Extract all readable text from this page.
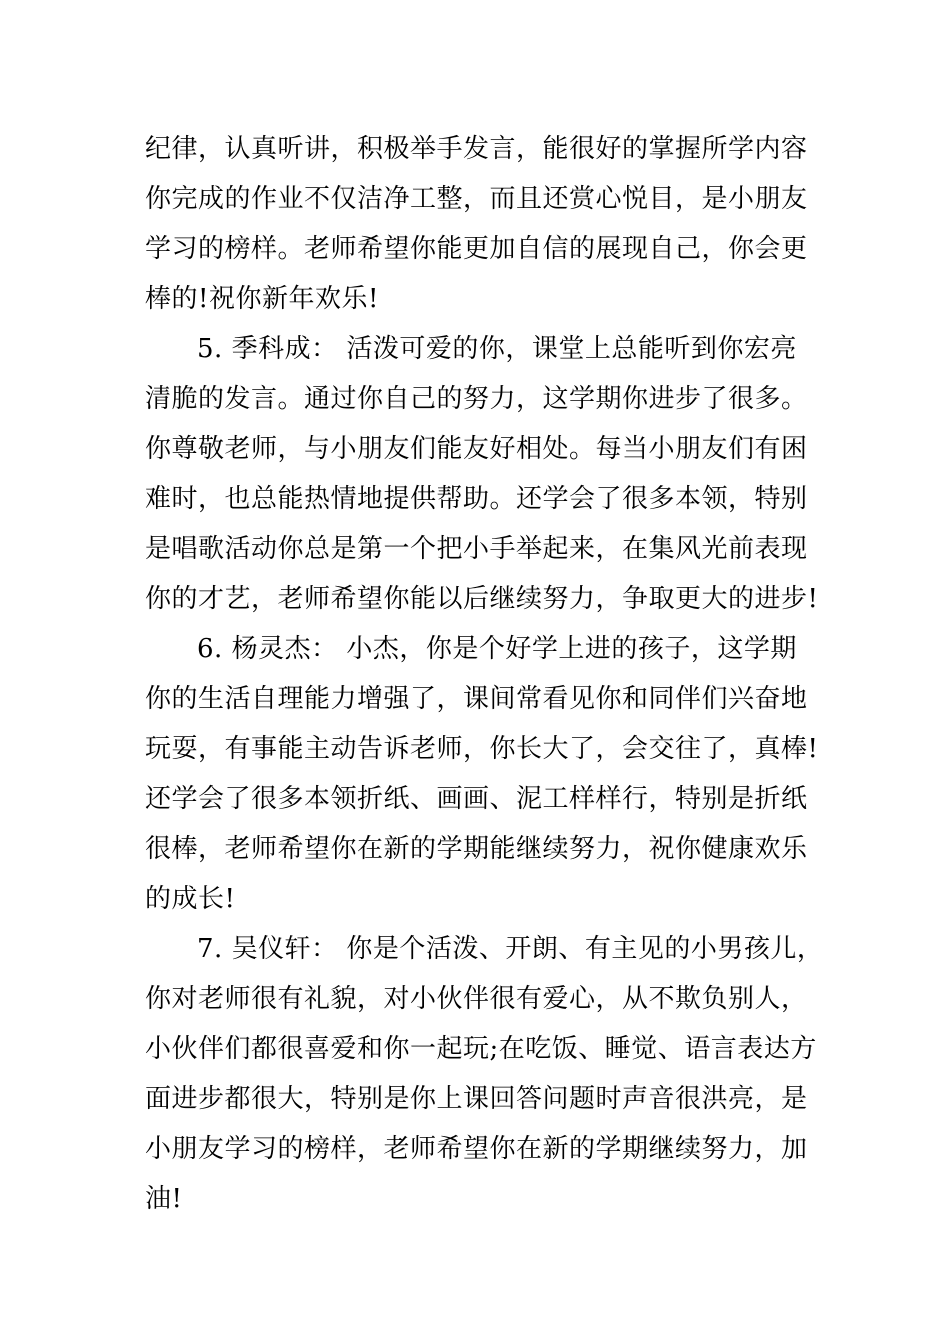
纪律，认真听讲，积极举手发言，能很好的掌握所学内容
你完成的作业不仅洁净工整，而且还赏心悦目，是小朋友
学习的榜样。老师希望你能更加自信的展现自己，你会更
棒的!祝你新年欢乐!
5. 季科成： 活泼可爱的你，课堂上总能听到你宏亮
清脆的发言。通过你自己的努力，这学期你进步了很多。
你尊敬老师，与小朋友们能友好相处。每当小朋友们有困
难时，也总能热情地提供帮助。还学会了很多本领，特别
是唱歌活动你总是第一个把小手举起来，在集风光前表现
你的才艺，老师希望你能以后继续努力，争取更大的进步!
6. 杨灵杰： 小杰，你是个好学上进的孩子，这学期
你的生活自理能力增强了，课间常看见你和同伴们兴奋地
玩耍，有事能主动告诉老师，你长大了，会交往了，真棒!
还学会了很多本领折纸、画画、泥工样样行，特别是折纸
很棒，老师希望你在新的学期能继续努力，祝你健康欢乐
的成长!
7. 吴仪轩： 你是个活泼、开朗、有主见的小男孩儿，
你对老师很有礼貌，对小伙伴很有爱心，从不欺负别人，
小伙伴们都很喜爱和你一起玩;在吃饭、睡觉、语言表达方
面进步都很大，特别是你上课回答问题时声音很洪亮，是
小朋友学习的榜样，老师希望你在新的学期继续努力，加
油!
